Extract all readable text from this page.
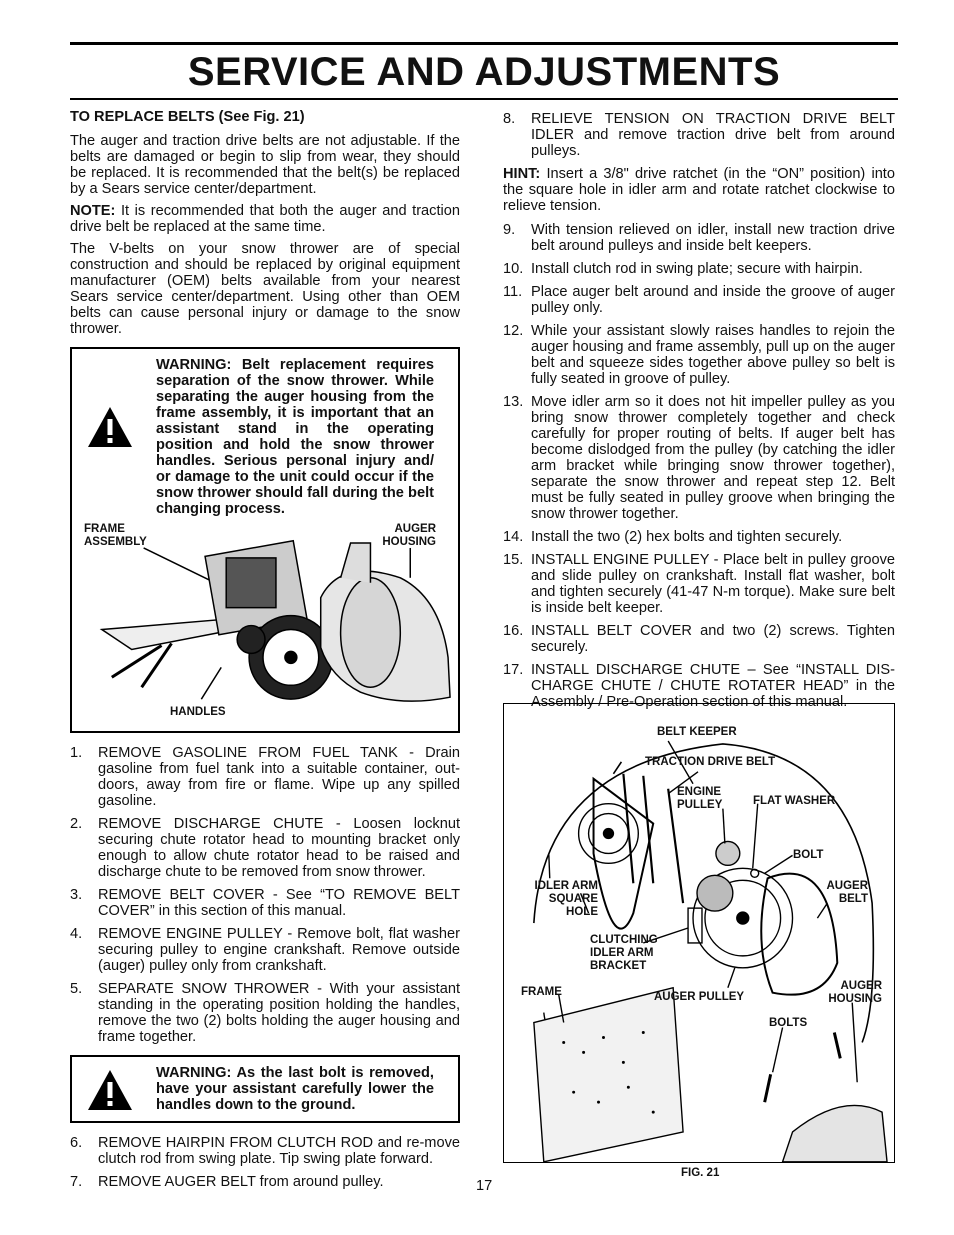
SERVICE AND ADJUSTMENTS
TO REPLACE BELTS (See Fig. 21)

The auger and traction drive belts are not adjustable. If the belts are damaged or begin to slip from wear, they should be replaced. It is recommended that the belt(s) be replaced by a Sears service center/department.

NOTE: It is recommended that both the auger and traction drive belt be replaced at the same time.

The V-belts on your snow thrower are of special construction and should be replaced by original equipment manufacturer (OEM) belts available from your nearest Sears service center/department. Using other than OEM belts can cause personal injury or damage to the snow thrower.

WARNING: Belt replacement requires separation of the snow thrower. While separating the auger housing from the frame assembly, it is important that an assistant stand in the operating position and hold the snow thrower handles. Serious personal injury and/ or damage to the unit could occur if the snow thrower should fall during the belt changing process.
FRAME
ASSEMBLY
AUGER
HOUSING
HANDLES
1.	REMOVE GASOLINE FROM FUEL TANK - Drain gasoline from fuel tank into a suitable container, out-doors, away from fire or flame. Wipe up any spilled gasoline.
2.	REMOVE DISCHARGE CHUTE - Loosen locknut securing chute rotator head to mounting bracket only enough to allow chute rotator head to be raised and discharge chute to be removed from snow thrower.
3.	REMOVE BELT COVER - See “TO REMOVE BELT COVER” in this section of this manual.
4.	REMOVE ENGINE PULLEY - Remove bolt, flat washer securing pulley to engine crankshaft. Remove outside (auger) pulley only from crankshaft.
5.	SEPARATE SNOW THROWER - With your assistant standing in the operating position holding the handles, remove the two (2) bolts holding the auger housing and frame together.
WARNING: As the last bolt is removed, have your assistant carefully lower the handles down to the ground.
6.	REMOVE HAIRPIN FROM CLUTCH ROD and re-move clutch rod from swing plate. Tip swing plate forward.
7.	REMOVE AUGER BELT from around pulley.
8.	RELIEVE TENSION ON TRACTION DRIVE BELT IDLER and remove traction drive belt from around pulleys.

HINT: Insert a 3/8" drive ratchet (in the “ON” position) into the square hole in idler arm and rotate ratchet clockwise to relieve tension.

9.	With tension relieved on idler, install new traction drive belt around pulleys and inside belt keepers.
10. Install clutch rod in swing plate; secure with hairpin.
11. Place auger belt around and inside the groove of auger pulley only.
12. While your assistant slowly raises handles to rejoin the auger housing and frame assembly, pull up on the auger belt and squeeze sides together above pulley so belt is fully seated in groove of pulley.
13. Move idler arm so it does not hit impeller pulley as you bring snow thrower completely together and check carefully for proper routing of belts. If auger belt has become dislodged from the pulley (by catching the idler arm bracket while bringing snow thrower together), separate the snow thrower and repeat step 12. Belt must be fully seated in pulley groove when bringing the snow thrower together.
14. Install the two (2) hex bolts and tighten securely.
15. INSTALL ENGINE PULLEY - Place belt in pulley groove and slide pulley on crankshaft. Install flat washer, bolt and tighten securely (41-47 N-m torque). Make sure belt is inside belt keeper.
16. INSTALL BELT COVER and two (2) screws. Tighten securely.
17. INSTALL DISCHARGE CHUTE – See “INSTALL DIS-CHARGE CHUTE / CHUTE ROTATER HEAD” in the Assembly / Pre-Operation section of this manual.
BELT KEEPER
TRACTION DRIVE BELT
ENGINE
PULLEY	FLAT WASHER
BOLT
IDLER ARM
SQUARE
HOLE
AUGER
BELT
CLUTCHING
IDLER ARM
BRACKET
FRAME	AUGER PULLEY
AUGER
HOUSING
BOLTS
FIG. 21
17
